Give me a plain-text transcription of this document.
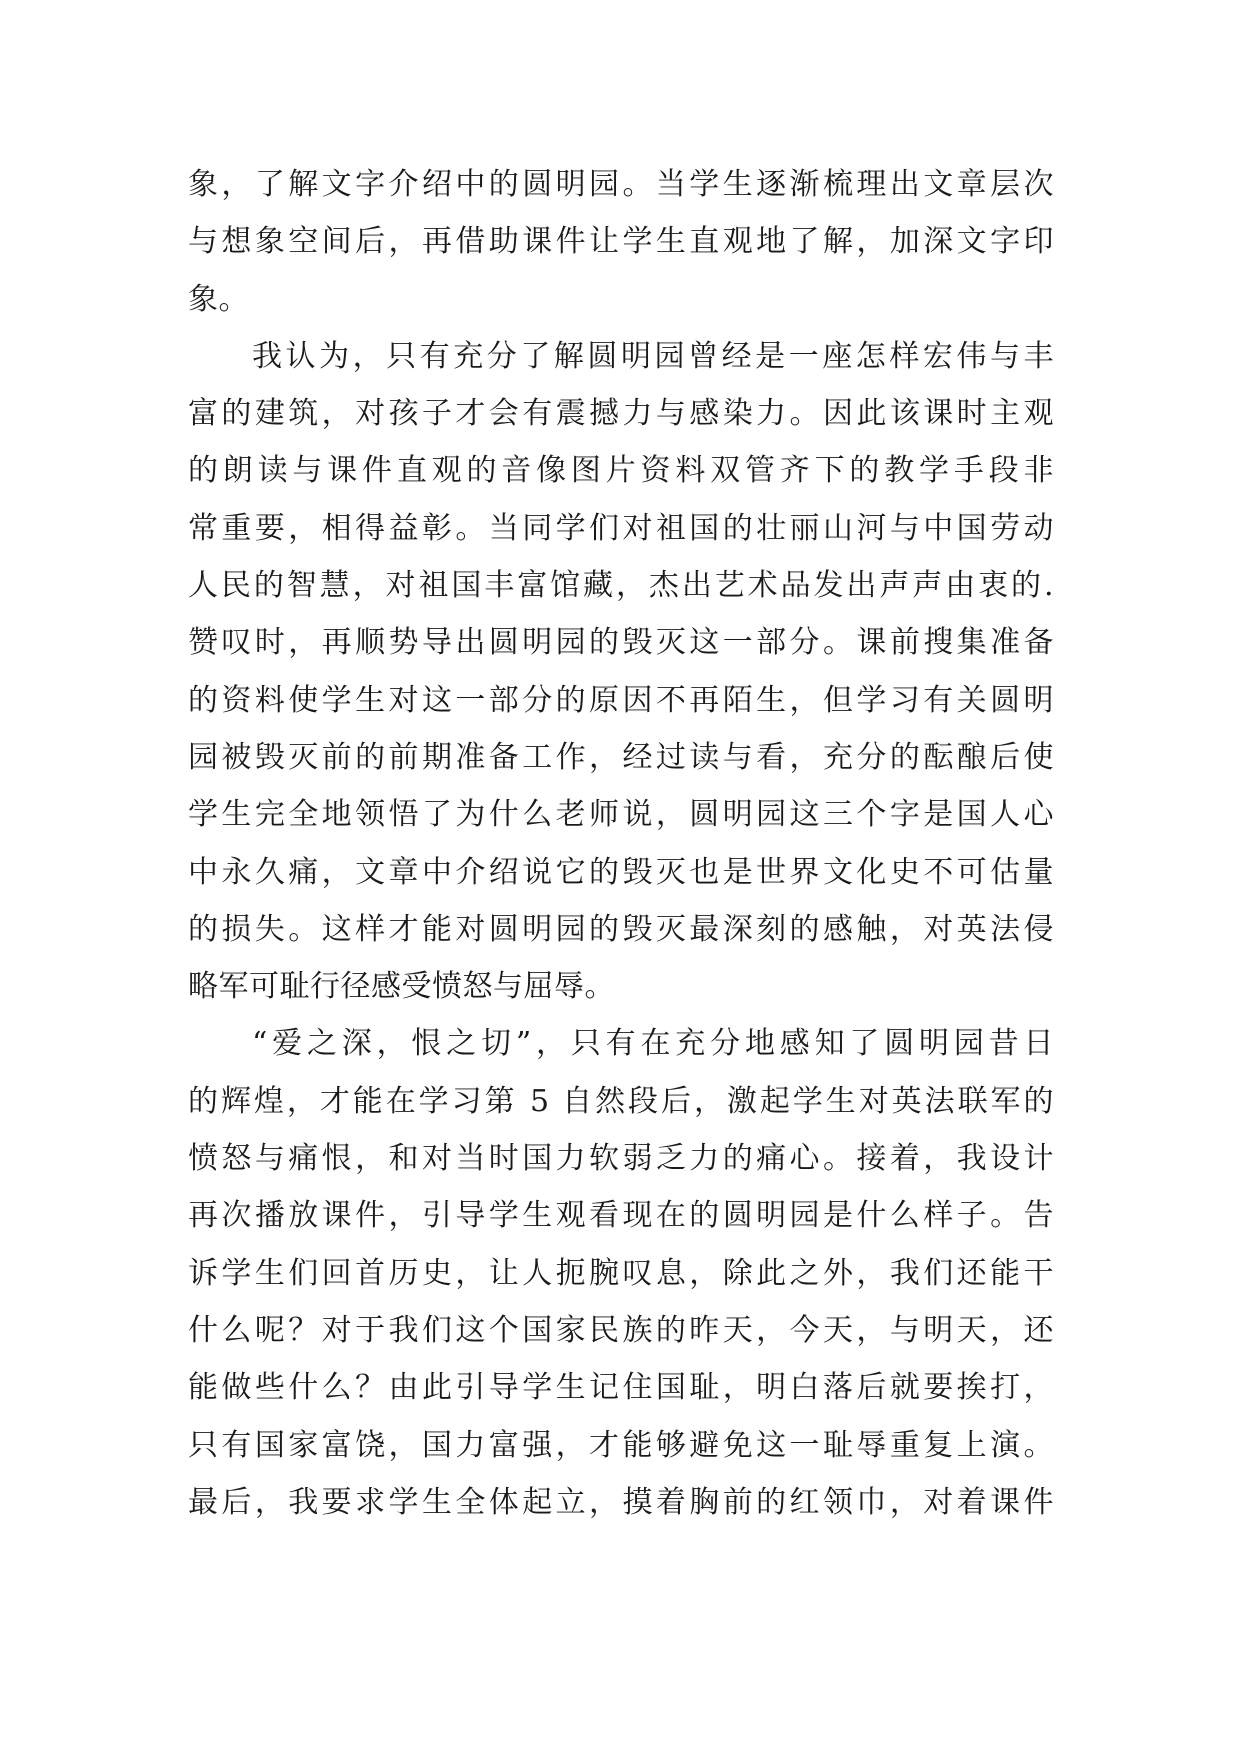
象，了解文字介绍中的圆明园。当学生逐渐梳理出文章层次
与想象空间后，再借助课件让学生直观地了解，加深文字印
象。
我认为，只有充分了解圆明园曾经是一座怎样宏伟与丰
富的建筑，对孩子才会有震撼力与感染力。因此该课时主观
的朗读与课件直观的音像图片资料双管齐下的教学手段非
常重要，相得益彰。当同学们对祖国的壮丽山河与中国劳动
人民的智慧，对祖国丰富馆藏，杰出艺术品发出声声由衷的.
赞叹时，再顺势导出圆明园的毁灭这一部分。课前搜集准备
的资料使学生对这一部分的原因不再陌生，但学习有关圆明
园被毁灭前的前期准备工作，经过读与看，充分的酝酿后使
学生完全地领悟了为什么老师说，圆明园这三个字是国人心
中永久痛，文章中介绍说它的毁灭也是世界文化史不可估量
的损失。这样才能对圆明园的毁灭最深刻的感触，对英法侵
略军可耻行径感受愤怒与屈辱。
“爱之深，恨之切”，只有在充分地感知了圆明园昔日
的辉煌，才能在学习第 5 自然段后，激起学生对英法联军的
愤怒与痛恨，和对当时国力软弱乏力的痛心。接着，我设计
再次播放课件，引导学生观看现在的圆明园是什么样子。告
诉学生们回首历史，让人扼腕叹息，除此之外，我们还能干
什么呢？对于我们这个国家民族的昨天，今天，与明天，还
能做些什么？由此引导学生记住国耻，明白落后就要挨打，
只有国家富饶，国力富强，才能够避免这一耻辱重复上演。
最后，我要求学生全体起立，摸着胸前的红领巾，对着课件
